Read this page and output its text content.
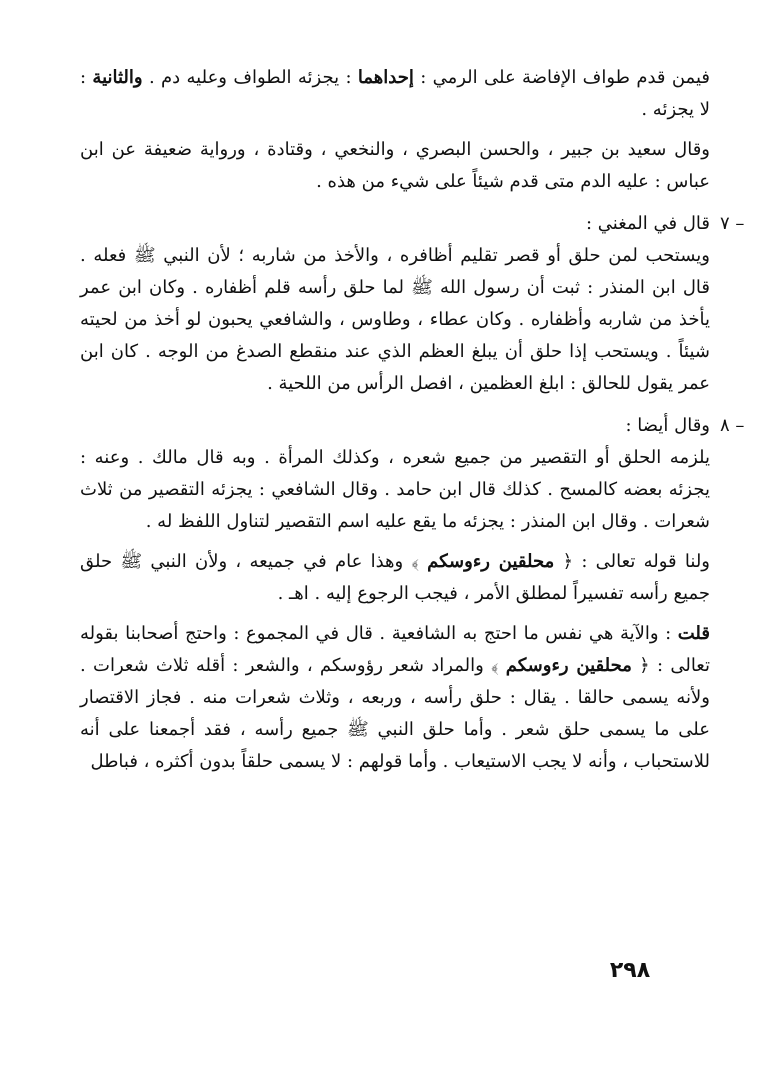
فيمن قدم طواف الإفاضة على الرمي : إحداهما : يجزئه الطواف وعليه دم . والثانية : لا يجزئه .

وقال سعيد بن جبير ، والحسن البصري ، والنخعي ، وقتادة ، ورواية ضعيفة عن ابن عباس : عليه الدم متى قدم شيئاً على شيء من هذه .

٧ –
قال في المغني :

ويستحب لمن حلق أو قصر تقليم أظافره ، والأخذ من شاربه ؛ لأن النبي ﷺ فعله . قال ابن المنذر : ثبت أن رسول الله ﷺ لما حلق رأسه قلم أظفاره . وكان ابن عمر يأخذ من شاربه وأظفاره . وكان عطاء ، وطاوس ، والشافعي يحبون لو أخذ من لحيته شيئاً . ويستحب إذا حلق أن يبلغ العظم الذي عند منقطع الصدغ من الوجه . كان ابن عمر يقول للحالق : ابلغ العظمين ، افصل الرأس من اللحية .

٨ –
وقال أيضا :

يلزمه الحلق أو التقصير من جميع شعره ، وكذلك المرأة . وبه قال مالك . وعنه : يجزئه بعضه كالمسح . كذلك قال ابن حامد . وقال الشافعي : يجزئه التقصير من ثلاث شعرات . وقال ابن المنذر : يجزئه ما يقع عليه اسم التقصير لتناول اللفظ له .

ولنا قوله تعالى : ﴿ محلقين رءوسكم ﴾ وهذا عام في جميعه ، ولأن النبي ﷺ حلق جميع رأسه تفسيراً لمطلق الأمر ، فيجب الرجوع إليه . اهـ .

قلت : والآية هي نفس ما احتج به الشافعية . قال في المجموع : واحتج أصحابنا بقوله تعالى : ﴿ محلقين رءوسكم ﴾ والمراد شعر رؤوسكم ، والشعر : أقله ثلاث شعرات . ولأنه يسمى حالقا . يقال : حلق رأسه ، وربعه ، وثلاث شعرات منه . فجاز الاقتصار على ما يسمى حلق شعر . وأما حلق النبي ﷺ جميع رأسه ، فقد أجمعنا على أنه للاستحباب ، وأنه لا يجب الاستيعاب . وأما قولهم : لا يسمى حلقاً بدون أكثره ، فباطل

٢٩٨
